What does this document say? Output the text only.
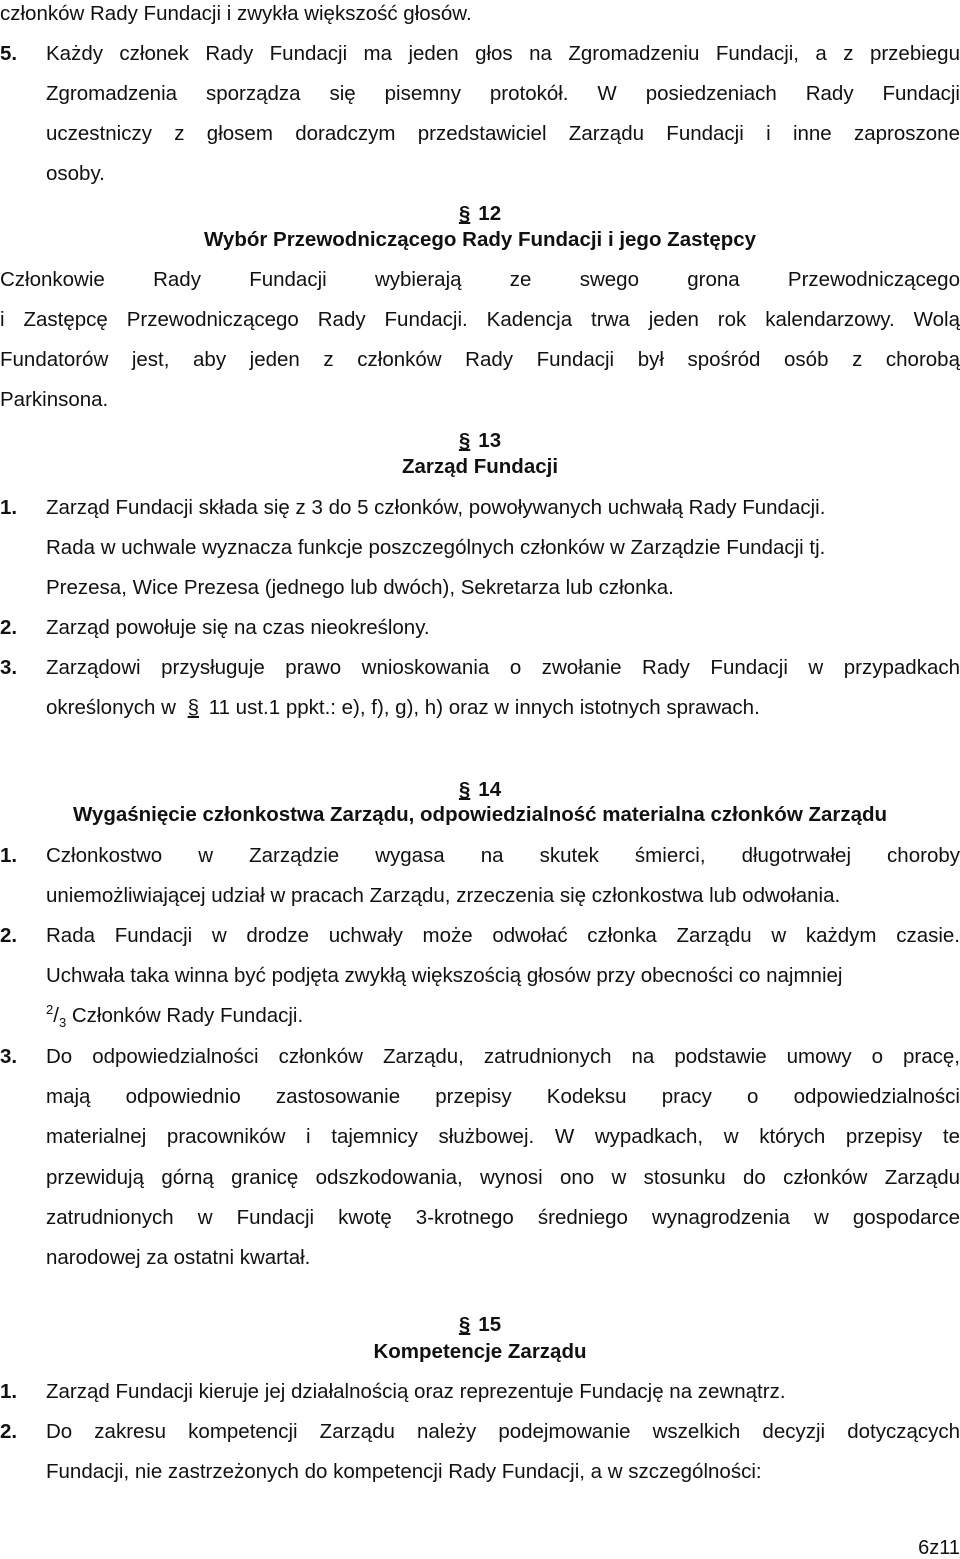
członków Rady Fundacji i zwykła większość głosów.
5. Każdy członek Rady Fundacji ma jeden głos na Zgromadzeniu Fundacji, a z przebiegu
Zgromadzenia sporządza się pisemny protokół. W posiedzeniach Rady Fundacji
uczestniczy z głosem doradczym przedstawiciel Zarządu Fundacji i inne zaproszone
osoby.
§ 12
Wybór Przewodniczącego Rady Fundacji i jego Zastępcy
Członkowie Rady Fundacji wybierają ze swego grona Przewodniczącego
i Zastępcę Przewodniczącego Rady Fundacji. Kadencja trwa jeden rok kalendarzowy. Wolą
Fundatorów jest, aby jeden z członków Rady Fundacji był spośród osób z chorobą
Parkinsona.
§ 13
Zarząd Fundacji
1. Zarząd Fundacji składa się z 3 do 5 członków, powoływanych uchwałą Rady Fundacji.
Rada w uchwale wyznacza funkcje poszczególnych członków w Zarządzie Fundacji tj.
Prezesa, Wice Prezesa (jednego lub dwóch), Sekretarza lub członka.
2. Zarząd powołuje się na czas nieokreślony.
3. Zarządowi przysługuje prawo wnioskowania o zwołanie Rady Fundacji w przypadkach
określonych w § 11 ust.1 ppkt.: e), f), g), h) oraz w innych istotnych sprawach.
§ 14
Wygaśnięcie członkostwa Zarządu, odpowiedzialność materialna członków Zarządu
1. Członkostwo w Zarządzie wygasa na skutek śmierci, długotrwałej choroby
uniemożliwiającej udział w pracach Zarządu, zrzeczenia się członkostwa lub odwołania.
2. Rada Fundacji w drodze uchwały może odwołać członka Zarządu w każdym czasie.
Uchwała taka winna być podjęta zwykłą większością głosów przy obecności co najmniej
$^2/_3$ Członków Rady Fundacji.
3. Do odpowiedzialności członków Zarządu, zatrudnionych na podstawie umowy o pracę,
mają odpowiednio zastosowanie przepisy Kodeksu pracy o odpowiedzialności
materialnej pracowników i tajemnicy służbowej. W wypadkach, w których przepisy te
przewidują górną granicę odszkodowania, wynosi ono w stosunku do członków Zarządu
zatrudnionych w Fundacji kwotę 3-krotnego średniego wynagrodzenia w gospodarce
narodowej za ostatni kwartał.
§ 15
Kompetencje Zarządu
1. Zarząd Fundacji kieruje jej działalnością oraz reprezentuje Fundację na zewnątrz.
2. Do zakresu kompetencji Zarządu należy podejmowanie wszelkich decyzji dotyczących
Fundacji, nie zastrzeżonych do kompetencji Rady Fundacji, a w szczególności:
6z11
